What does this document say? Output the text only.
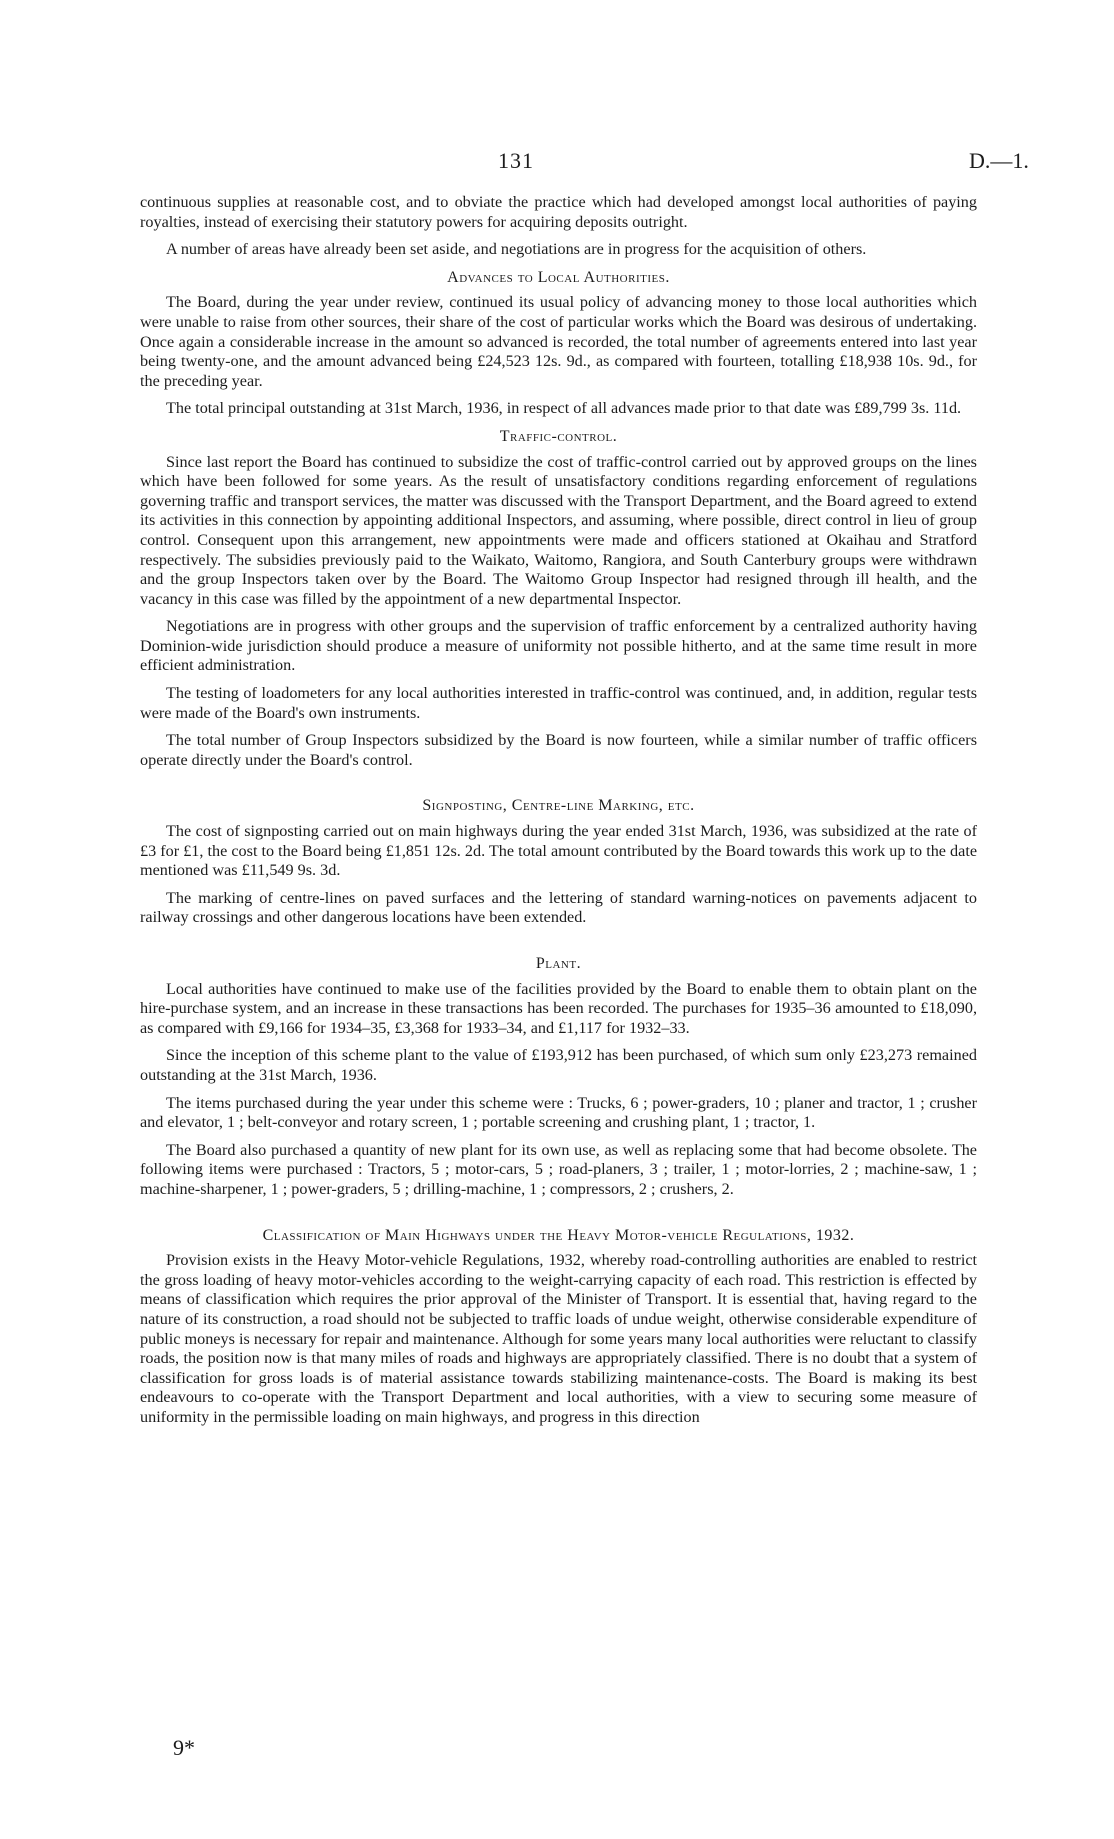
131	D.—1.

continuous supplies at reasonable cost, and to obviate the practice which had developed amongst local authorities of paying royalties, instead of exercising their statutory powers for acquiring deposits outright.

A number of areas have already been set aside, and negotiations are in progress for the acquisition of others.

Advances to Local Authorities.

The Board, during the year under review, continued its usual policy of advancing money to those local authorities which were unable to raise from other sources, their share of the cost of particular works which the Board was desirous of undertaking. Once again a considerable increase in the amount so advanced is recorded, the total number of agreements entered into last year being twenty-one, and the amount advanced being £24,523 12s. 9d., as compared with fourteen, totalling £18,938 10s. 9d., for the preceding year.

The total principal outstanding at 31st March, 1936, in respect of all advances made prior to that date was £89,799 3s. 11d.

Traffic-control.

Since last report the Board has continued to subsidize the cost of traffic-control carried out by approved groups on the lines which have been followed for some years. As the result of unsatisfactory conditions regarding enforcement of regulations governing traffic and transport services, the matter was discussed with the Transport Department, and the Board agreed to extend its activities in this connection by appointing additional Inspectors, and assuming, where possible, direct control in lieu of group control. Consequent upon this arrangement, new appointments were made and officers stationed at Okaihau and Stratford respectively. The subsidies previously paid to the Waikato, Waitomo, Rangiora, and South Canterbury groups were withdrawn and the group Inspectors taken over by the Board. The Waitomo Group Inspector had resigned through ill health, and the vacancy in this case was filled by the appointment of a new departmental Inspector.

Negotiations are in progress with other groups and the supervision of traffic enforcement by a centralized authority having Dominion-wide jurisdiction should produce a measure of uniformity not possible hitherto, and at the same time result in more efficient administration.

The testing of loadometers for any local authorities interested in traffic-control was continued, and, in addition, regular tests were made of the Board's own instruments.

The total number of Group Inspectors subsidized by the Board is now fourteen, while a similar number of traffic officers operate directly under the Board's control.

Signposting, Centre-line Marking, etc.

The cost of signposting carried out on main highways during the year ended 31st March, 1936, was subsidized at the rate of £3 for £1, the cost to the Board being £1,851 12s. 2d. The total amount contributed by the Board towards this work up to the date mentioned was £11,549 9s. 3d.

The marking of centre-lines on paved surfaces and the lettering of standard warning-notices on pavements adjacent to railway crossings and other dangerous locations have been extended.

Plant.

Local authorities have continued to make use of the facilities provided by the Board to enable them to obtain plant on the hire-purchase system, and an increase in these transactions has been recorded. The purchases for 1935–36 amounted to £18,090, as compared with £9,166 for 1934–35, £3,368 for 1933–34, and £1,117 for 1932–33.

Since the inception of this scheme plant to the value of £193,912 has been purchased, of which sum only £23,273 remained outstanding at the 31st March, 1936.

The items purchased during the year under this scheme were : Trucks, 6 ; power-graders, 10 ; planer and tractor, 1 ; crusher and elevator, 1 ; belt-conveyor and rotary screen, 1 ; portable screening and crushing plant, 1 ; tractor, 1.

The Board also purchased a quantity of new plant for its own use, as well as replacing some that had become obsolete. The following items were purchased : Tractors, 5 ; motor-cars, 5 ; road-planers, 3 ; trailer, 1 ; motor-lorries, 2 ; machine-saw, 1 ; machine-sharpener, 1 ; power-graders, 5 ; drilling-machine, 1 ; compressors, 2 ; crushers, 2.

Classification of Main Highways under the Heavy Motor-vehicle Regulations, 1932.

Provision exists in the Heavy Motor-vehicle Regulations, 1932, whereby road-controlling authorities are enabled to restrict the gross loading of heavy motor-vehicles according to the weight-carrying capacity of each road. This restriction is effected by means of classification which requires the prior approval of the Minister of Transport. It is essential that, having regard to the nature of its construction, a road should not be subjected to traffic loads of undue weight, otherwise considerable expenditure of public moneys is necessary for repair and maintenance. Although for some years many local authorities were reluctant to classify roads, the position now is that many miles of roads and highways are appropriately classified. There is no doubt that a system of classification for gross loads is of material assistance towards stabilizing maintenance-costs. The Board is making its best endeavours to co-operate with the Transport Department and local authorities, with a view to securing some measure of uniformity in the permissible loading on main highways, and progress in this direction

9*
